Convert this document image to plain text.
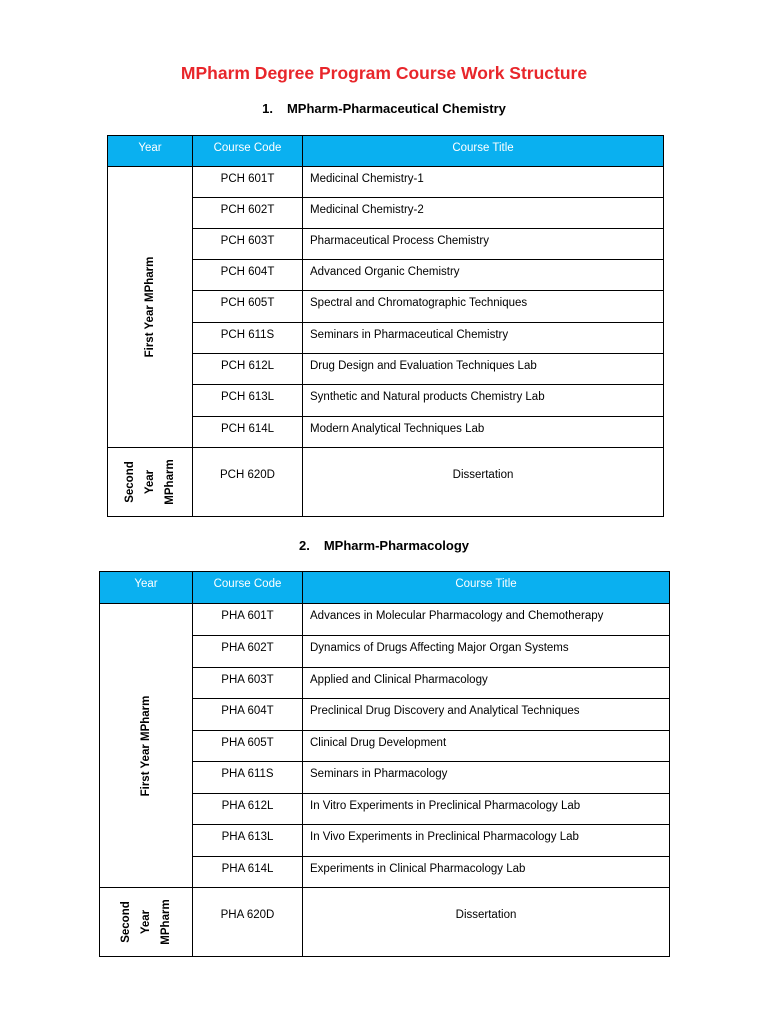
MPharm Degree Program Course Work Structure
1. MPharm-Pharmaceutical Chemistry
Year	Course Code	Course Title

First Year MPharm	PCH 601T	Medicinal Chemistry-1
	PCH 602T	Medicinal Chemistry-2
	PCH 603T	Pharmaceutical Process Chemistry
	PCH 604T	Advanced Organic Chemistry
	PCH 605T	Spectral and Chromatographic Techniques
	PCH 611S	Seminars in Pharmaceutical Chemistry
	PCH 612L	Drug Design and Evaluation Techniques Lab
	PCH 613L	Synthetic and Natural products Chemistry Lab
	PCH 614L	Modern Analytical Techniques Lab

Second Year MPharm	PCH 620D	Dissertation
2. MPharm-Pharmacology
Year	Course Code	Course Title

First Year MPharm	PHA 601T	Advances in Molecular Pharmacology and Chemotherapy
	PHA 602T	Dynamics of Drugs Affecting Major Organ Systems
	PHA 603T	Applied and Clinical Pharmacology
	PHA 604T	Preclinical Drug Discovery and Analytical Techniques
	PHA 605T	Clinical Drug Development
	PHA 611S	Seminars in Pharmacology
	PHA 612L	In Vitro Experiments in Preclinical Pharmacology Lab
	PHA 613L	In Vivo Experiments in Preclinical Pharmacology Lab
	PHA 614L	Experiments in Clinical Pharmacology Lab

Second Year MPharm	PHA 620D	Dissertation
